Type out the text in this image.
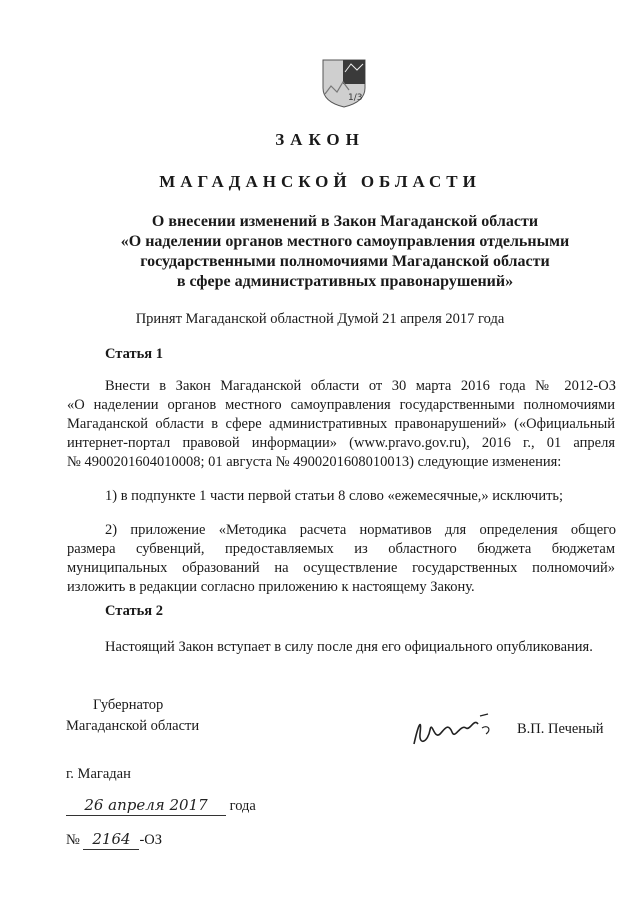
1/3
ЗАКОН
МАГАДАНСКОЙ ОБЛАСТИ
О внесении изменений в Закон Магаданской области
«О наделении органов местного самоуправления отдельными
государственными полномочиями Магаданской области
в сфере административных правонарушений»
Принят Магаданской областной Думой 21 апреля 2017 года
Статья 1
Внести в Закон Магаданской области от 30 марта 2016 года № 2012-ОЗ
«О наделении органов местного самоуправления государственными полномочиями
Магаданской области в сфере административных правонарушений» («Официальный
интернет-портал правовой информации» (www.pravo.gov.ru), 2016 г., 01 апреля
№ 4900201604010008; 01 августа № 4900201608010013) следующие изменения:
1) в подпункте 1 части первой статьи 8 слово «ежемесячные,» исключить;
2) приложение «Методика расчета нормативов для определения общего
размера субвенций, предоставляемых из областного бюджета бюджетам
муниципальных образований на осуществление государственных полномочий»
изложить в редакции согласно приложению к настоящему Закону.
Статья 2
Настоящий Закон вступает в силу после дня его официального опубликования.
Губернатор
Магаданской области	В.П. Печеный
г. Магадан
26 апреля 2017 года
№ 2164 -ОЗ
